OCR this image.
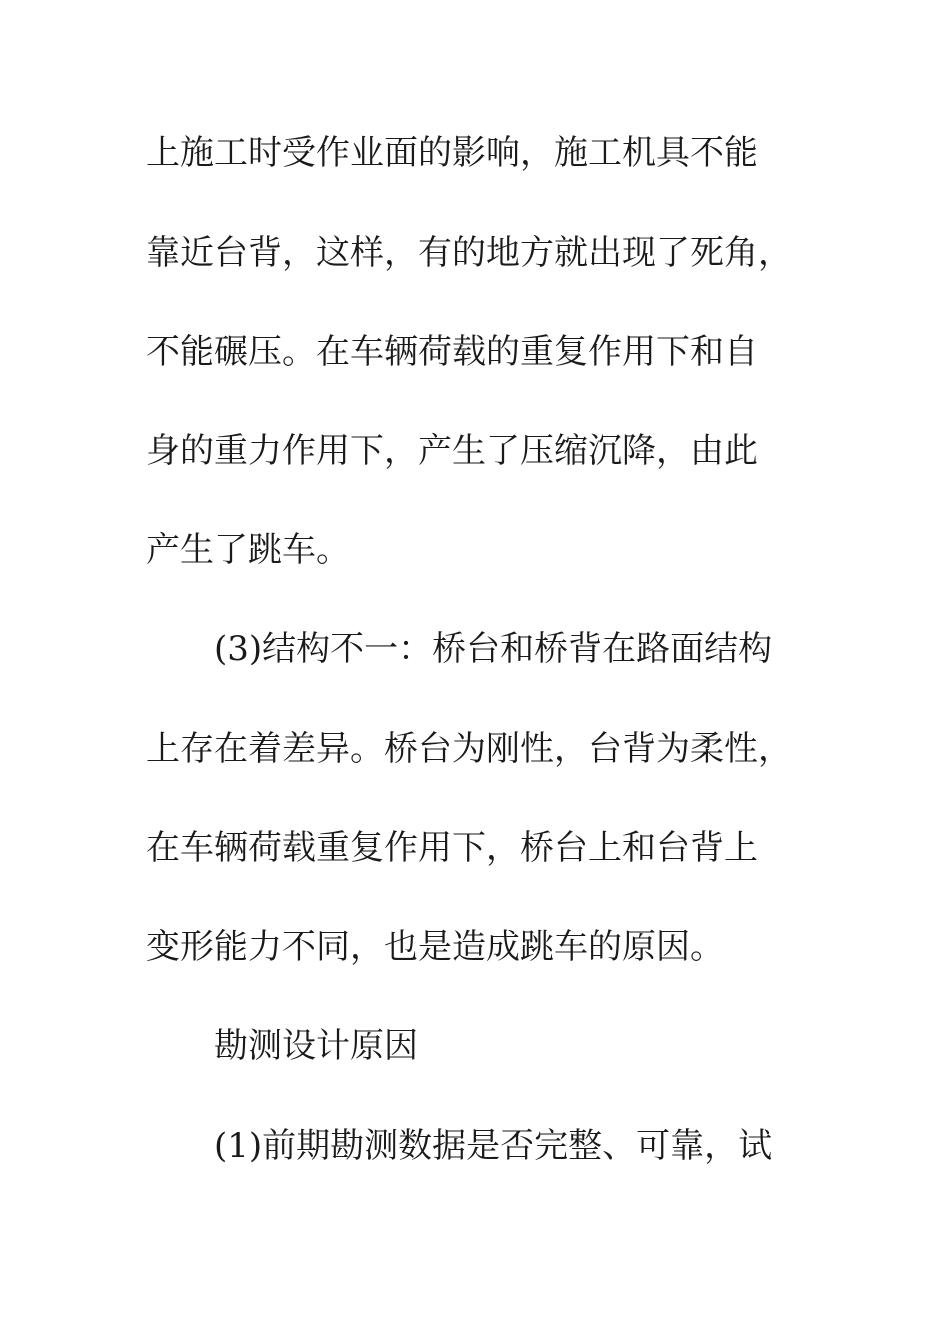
上施工时受作业面的影响，施工机具不能
靠近台背，这样，有的地方就出现了死角，
不能碾压。在车辆荷载的重复作用下和自
身的重力作用下，产生了压缩沉降，由此
产生了跳车。
(3)结构不一：桥台和桥背在路面结构
上存在着差异。桥台为刚性，台背为柔性，
在车辆荷载重复作用下，桥台上和台背上
变形能力不同，也是造成跳车的原因。
勘测设计原因
(1)前期勘测数据是否完整、可靠，试
